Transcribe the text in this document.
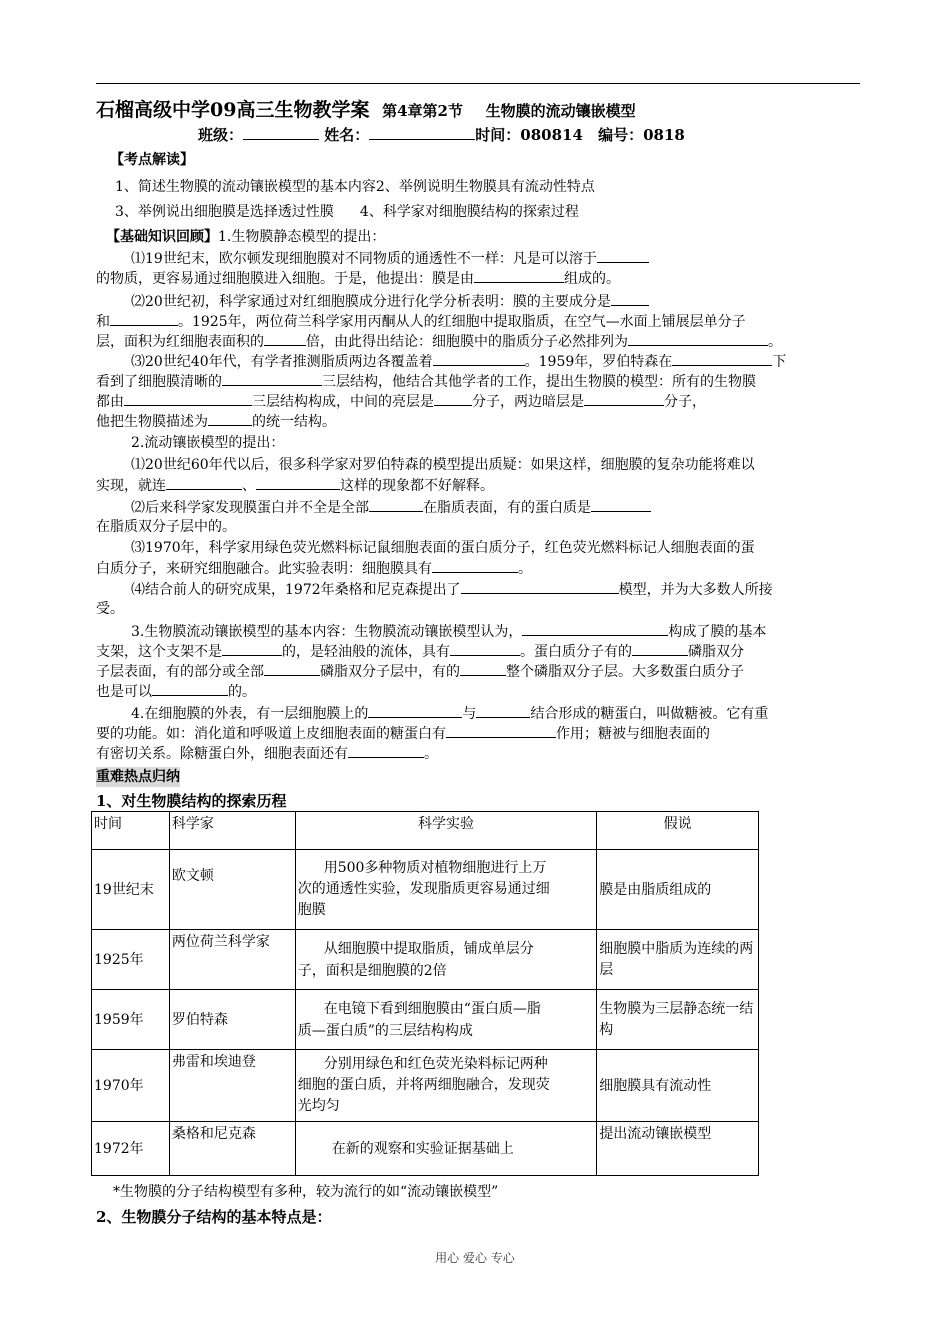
石榴高级中学09高三生物教学案 第4章第2节 生物膜的流动镶嵌模型
班级：	姓名：	时间：080814 编号：0818
【考点解读】
1、简述生物膜的流动镶嵌模型的基本内容2、举例说明生物膜具有流动性特点
3、举例说出细胞膜是选择透过性膜 4、科学家对细胞膜结构的探索过程
【基础知识回顾】1.生物膜静态模型的提出：
⑴19世纪末，欧尔顿发现细胞膜对不同物质的通透性不一样：凡是可以溶于
的物质，更容易通过细胞膜进入细胞。于是，他提出：膜是由	组成的。
⑵20世纪初，科学家通过对红细胞膜成分进行化学分析表明：膜的主要成分是
和	。1925年，两位荷兰科学家用丙酮从人的红细胞中提取脂质，在空气—水面上铺展层单分子
层，面积为红细胞表面积的	倍，由此得出结论：细胞膜中的脂质分子必然排列为	。
⑶20世纪40年代，有学者推测脂质两边各覆盖着	。1959年，罗伯特森在	下
看到了细胞膜清晰的	三层结构，他结合其他学者的工作，提出生物膜的模型：所有的生物膜
都由	三层结构构成，中间的亮层是	分子，两边暗层是	分子，
他把生物膜描述为	的统一结构。
2.流动镶嵌模型的提出：
⑴20世纪60年代以后，很多科学家对罗伯特森的模型提出质疑：如果这样，细胞膜的复杂功能将难以
实现，就连	、	这样的现象都不好解释。
⑵后来科学家发现膜蛋白并不全是全部	在脂质表面，有的蛋白质是
在脂质双分子层中的。
⑶1970年，科学家用绿色荧光燃料标记鼠细胞表面的蛋白质分子，红色荧光燃料标记人细胞表面的蛋
白质分子，来研究细胞融合。此实验表明：细胞膜具有	。
⑷结合前人的研究成果，1972年桑格和尼克森提出了	模型，并为大多数人所接
受。
3.生物膜流动镶嵌模型的基本内容：生物膜流动镶嵌模型认为，	构成了膜的基本
支架，这个支架不是	的，是轻油般的流体，具有	。蛋白质分子有的	磷脂双分
子层表面，有的部分或全部	磷脂双分子层中，有的	整个磷脂双分子层。大多数蛋白质分子
也是可以	的。
4.在细胞膜的外表，有一层细胞膜上的	与	结合形成的糖蛋白，叫做糖被。它有重
要的功能。如：消化道和呼吸道上皮细胞表面的糖蛋白有	作用；糖被与细胞表面的
有密切关系。除糖蛋白外，细胞表面还有	。
重难热点归纳
1、对生物膜结构的探索历程
时间	科学家	科学实验	假说
19世纪末	欧文顿	用500多种物质对植物细胞进行上万
次的通透性实验，发现脂质更容易通过细
胞膜	膜是由脂质组成的
1925年	两位荷兰科学家	从细胞膜中提取脂质，铺成单层分
子，面积是细胞膜的2倍	细胞膜中脂质为连续的两层
1959年	罗伯特森	在电镜下看到细胞膜由“蛋白质—脂
质—蛋白质”的三层结构构成	生物膜为三层静态统一结构
1970年	弗雷和埃迪登	分别用绿色和红色荧光染料标记两种
细胞的蛋白质，并将两细胞融合，发现荧
光均匀	细胞膜具有流动性
1972年	桑格和尼克森	在新的观察和实验证据基础上	提出流动镶嵌模型
*生物膜的分子结构模型有多种，较为流行的如“流动镶嵌模型”
2、生物膜分子结构的基本特点是：
用心 爱心 专心
